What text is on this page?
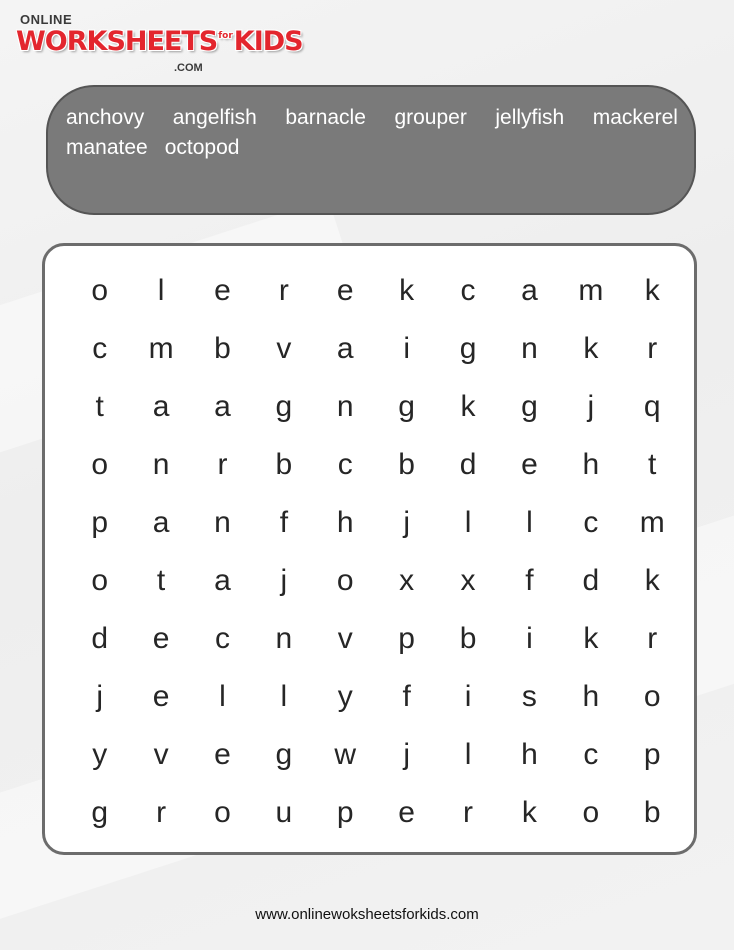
ONLINE
WORKSHEETSforKIDS
.COM
anchovy angelfish barnacle grouper jellyfish mackerel
manatee octopod
o	l	e	r	e	k	c	a	m	k
c	m	b	v	a	i	g	n	k	r
t	a	a	g	n	g	k	g	j	q
o	n	r	b	c	b	d	e	h	t
p	a	n	f	h	j	l	l	c	m
o	t	a	j	o	x	x	f	d	k
d	e	c	n	v	p	b	i	k	r
j	e	l	l	y	f	i	s	h	o
y	v	e	g	w	j	l	h	c	p
g	r	o	u	p	e	r	k	o	b
www.onlinewoksheetsforkids.com
